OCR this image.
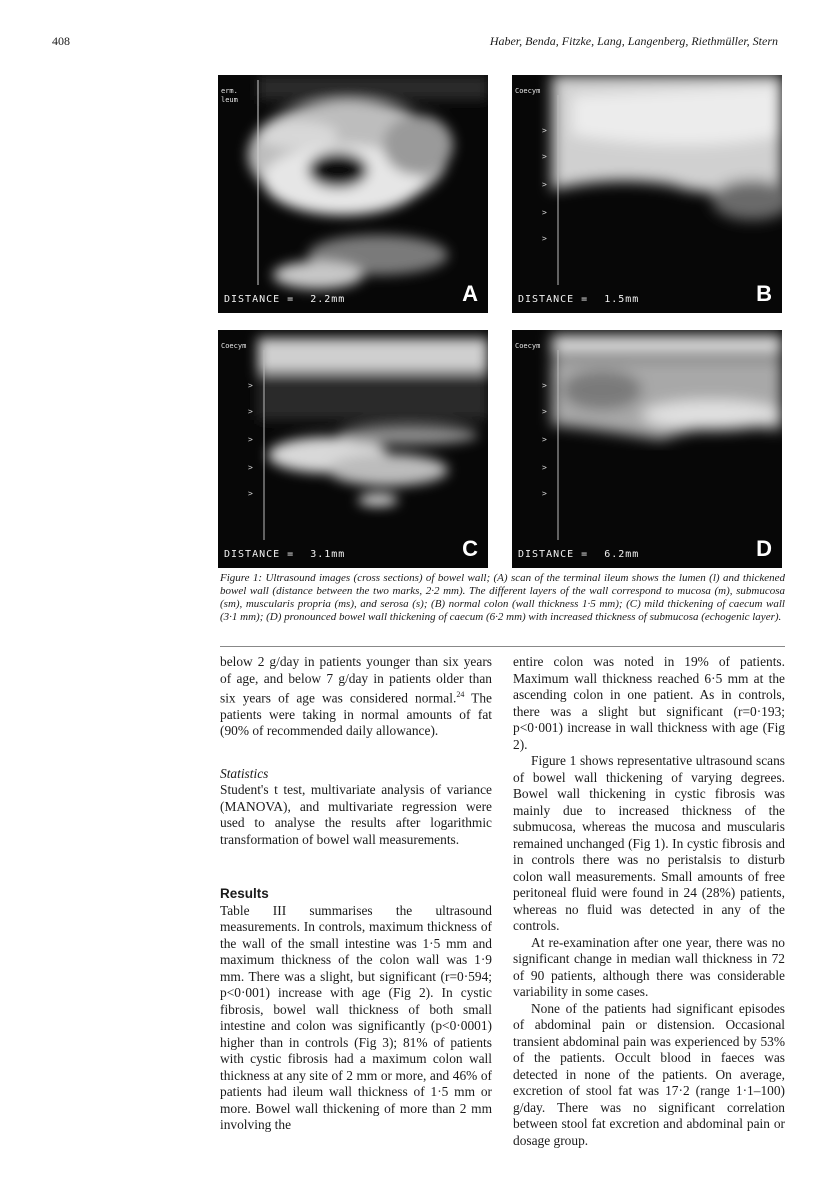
408	Haber, Benda, Fitzke, Lang, Langenberg, Riethmüller, Stern
erm.
leum
DISTANCE = 2.2mm	A
>
>
>
>
>
Coecym
DISTANCE = 1.5mm	B
>
>
>
>
>
Coecym
DISTANCE = 3.1mm	C
>
>
>
>
>
Coecym
DISTANCE = 6.2mm	D
Figure 1: Ultrasound images (cross sections) of bowel wall; (A) scan of the terminal ileum shows the lumen (l) and thickened bowel wall (distance between the two marks, 2·2 mm). The different layers of the wall correspond to mucosa (m), submucosa (sm), muscularis propria (ms), and serosa (s); (B) normal colon (wall thickness 1·5 mm); (C) mild thickening of caecum wall (3·1 mm); (D) pronounced bowel wall thickening of caecum (6·2 mm) with increased thickness of submucosa (echogenic layer).

below 2 g/day in patients younger than six years of age, and below 7 g/day in patients older than six years of age was considered normal.$^{24}$ The patients were taking in normal amounts of fat (90% of recommended daily allowance).

Statistics

Student's t test, multivariate analysis of variance (MANOVA), and multivariate regression were used to analyse the results after logarithmic transformation of bowel wall measurements.

Results

Table III summarises the ultrasound measurements. In controls, maximum thickness of the wall of the small intestine was 1·5 mm and maximum thickness of the colon wall was 1·9 mm. There was a slight, but significant (r=0·594; p<0·001) increase with age (Fig 2). In cystic fibrosis, bowel wall thickness of both small intestine and colon was significantly (p<0·0001) higher than in controls (Fig 3); 81% of patients with cystic fibrosis had a maximum colon wall thickness at any site of 2 mm or more, and 46% of patients had ileum wall thickness of 1·5 mm or more. Bowel wall thickening of more than 2 mm involving the

entire colon was noted in 19% of patients. Maximum wall thickness reached 6·5 mm at the ascending colon in one patient. As in controls, there was a slight but significant (r=0·193; p<0·001) increase in wall thickness with age (Fig 2).

Figure 1 shows representative ultrasound scans of bowel wall thickening of varying degrees. Bowel wall thickening in cystic fibrosis was mainly due to increased thickness of the submucosa, whereas the mucosa and muscularis remained unchanged (Fig 1). In cystic fibrosis and in controls there was no peristalsis to disturb colon wall measurements. Small amounts of free peritoneal fluid were found in 24 (28%) patients, whereas no fluid was detected in any of the controls.

At re-examination after one year, there was no significant change in median wall thickness in 72 of 90 patients, although there was considerable variability in some cases.

None of the patients had significant episodes of abdominal pain or distension. Occasional transient abdominal pain was experienced by 53% of the patients. Occult blood in faeces was detected in none of the patients. On average, excretion of stool fat was 17·2 (range 1·1–100) g/day. There was no significant correlation between stool fat excretion and abdominal pain or dosage group.
